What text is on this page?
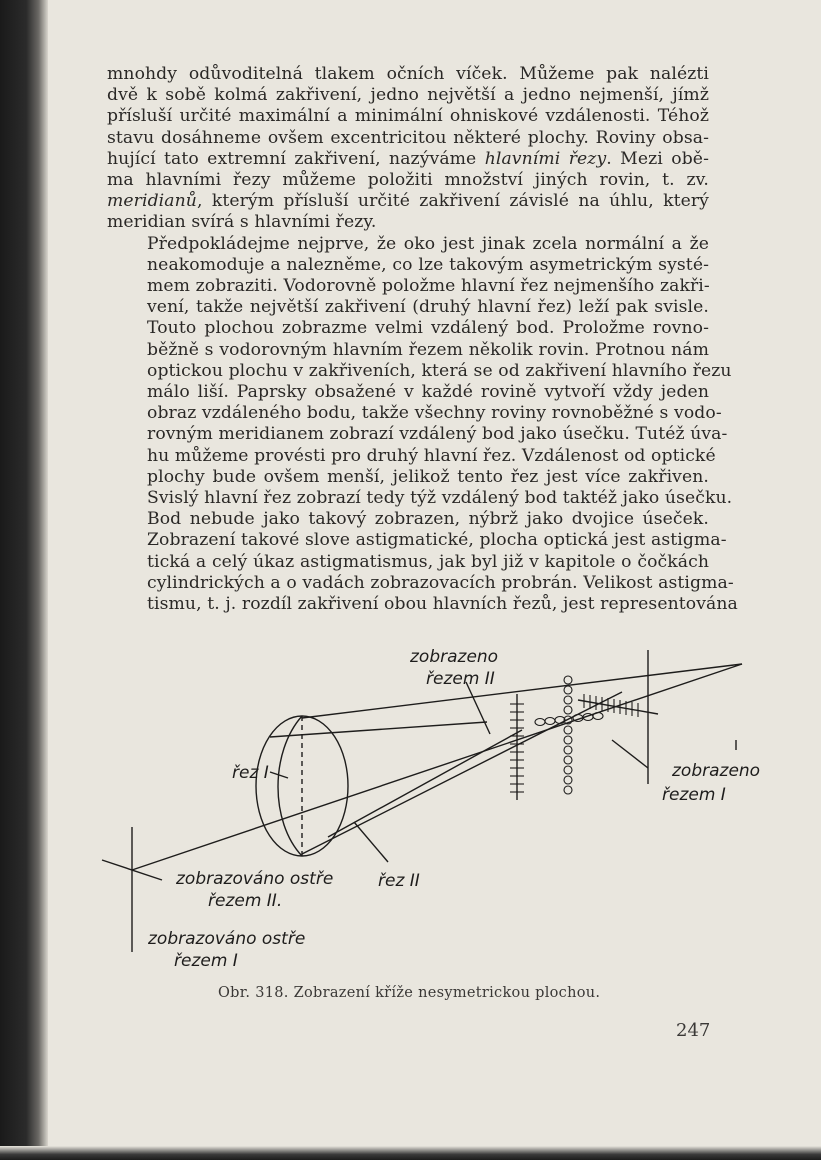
mnohdy odůvoditelná tlakem očních víček. Můžeme pak nalézti
dvě k sobě kolmá zakřivení, jedno největší a jedno nejmenší, jímž
přísluší určité maximální a minimální ohniskové vzdálenosti. Téhož
stavu dosáhneme ovšem excentricitou některé plochy. Roviny obsa-
hující tato extremní zakřivení, nazýváme hlavními řezy. Mezi obě-
ma hlavními řezy můžeme položiti množství jiných rovin, t. zv.
meridianů, kterým přísluší určité zakřivení závislé na úhlu, který
meridian svírá s hlavními řezy.

Předpokládejme nejprve, že oko jest jinak zcela normální a že
neakomoduje a nalezněme, co lze takovým asymetrickým systé-
mem zobraziti. Vodorovně položme hlavní řez nejmenšího zakři-
vení, takže největší zakřivení (druhý hlavní řez) leží pak svisle.
Touto plochou zobrazme velmi vzdálený bod. Proložme rovno-
běžně s vodorovným hlavním řezem několik rovin. Protnou nám
optickou plochu v zakřiveních, která se od zakřivení hlavního řezu
málo liší. Paprsky obsažené v každé rovině vytvoří vždy jeden
obraz vzdáleného bodu, takže všechny roviny rovnoběžné s vodo-
rovným meridianem zobrazí vzdálený bod jako úsečku. Tutéž úva-
hu můžeme provésti pro druhý hlavní řez. Vzdálenost od optické
plochy bude ovšem menší, jelikož tento řez jest více zakřiven.
Svislý hlavní řez zobrazí tedy týž vzdálený bod taktéž jako úsečku.
Bod nebude jako takový zobrazen, nýbrž jako dvojice úseček.
Zobrazení takové slove astigmatické, plocha optická jest astigma-
tická a celý úkaz astigmatismus, jak byl již v kapitole o čočkách
cylindrických a o vadách zobrazovacích probrán. Velikost astigma-
tismu, t. j. rozdíl zakřivení obou hlavních řezů, jest representována

zobrazeno
řezem II
zobrazeno
řezem I
řez I
řez II
zobrazováno ostře
řezem II.
zobrazováno ostře
řezem I
Obr. 318. Zobrazení kříže nesymetrickou plochou.
247
